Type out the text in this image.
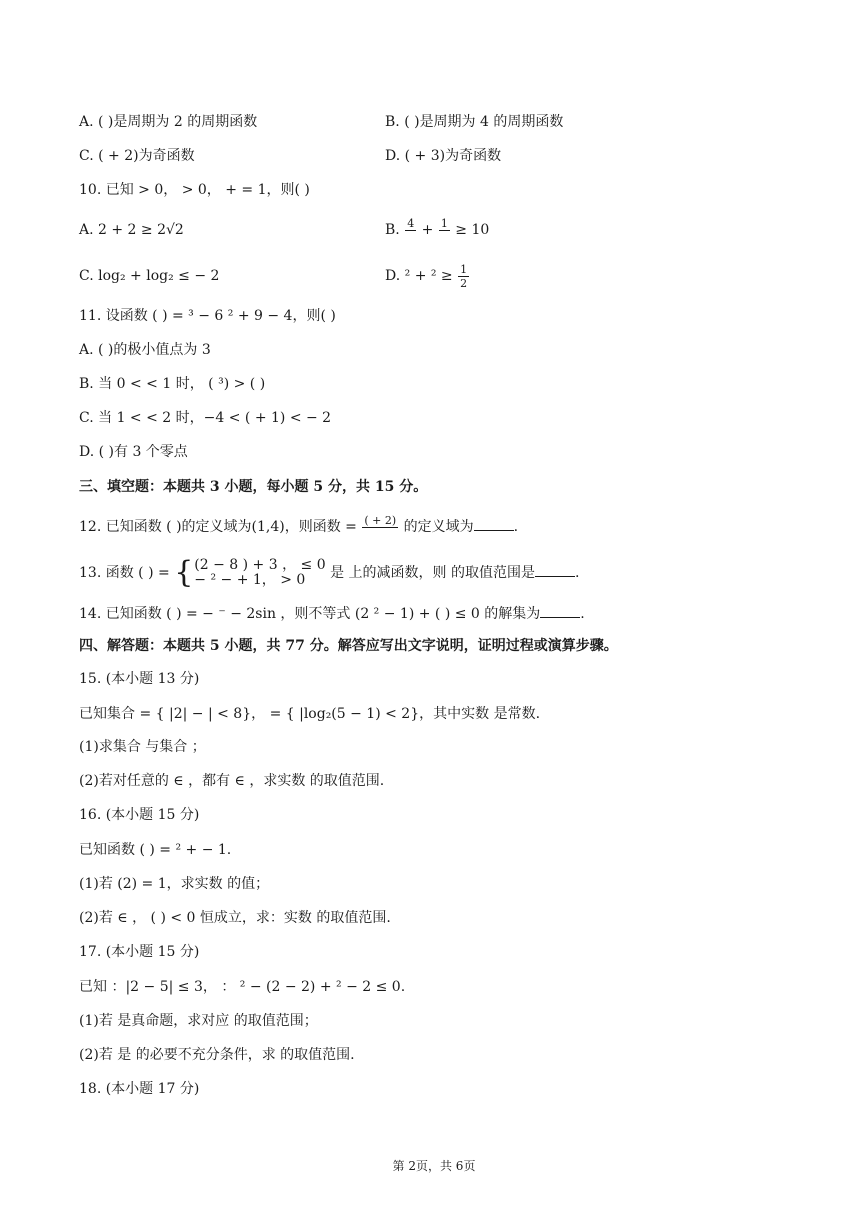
A. ( )是周期为 2 的周期函数	B. ( )是周期为 4 的周期函数
C. ( + 2)为奇函数	D. ( + 3)为奇函数
10. 已知 > 0， > 0， + = 1，则( )
A. 2 + 2 ≥ 2√2	B. 4
+ 1
≥ 10
C. log₂ + log₂ ≤ − 2	D. $^2 + ^2 \ge \frac{1}{2}$
11. 设函数 ( ) = ³ − 6 ² + 9 − 4，则( )
A. ( )的极小值点为 3
B. 当 0 < < 1 时， ( ³) > ( )
C. 当 1 < < 2 时，−4 < ( + 1) < − 2
D. ( )有 3 个零点
三、填空题：本题共 3 小题，每小题 5 分，共 15 分。
12. 已知函数 ( )的定义域为(1,4)，则函数 = ( + 2)
的定义域为	.
13. 函数 ( ) = { (2 − 8 ) + 3 ， ≤ 0
− ² − + 1， > 0	是 上的减函数，则 的取值范围是	.
14. 已知函数 ( ) = − ⁻ − 2sin ，则不等式 (2 ² − 1) + ( ) ≤ 0 的解集为	.
四、解答题：本题共 5 小题，共 77 分。解答应写出文字说明，证明过程或演算步骤。
15. (本小题 13 分)
已知集合 = { |2| − | < 8}， = { |log₂(5 − 1) < 2}，其中实数 是常数.
(1)求集合 与集合 ；
(2)若对任意的 ∈ ，都有 ∈ ，求实数 的取值范围.
16. (本小题 15 分)
已知函数 ( ) = ² + − 1.
(1)若 (2) = 1，求实数 的值；
(2)若 ∈ ， ( ) < 0 恒成立，求：实数 的取值范围.
17. (本小题 15 分)
已知 ：|2 − 5| ≤ 3， ： ² − (2 − 2) + ² − 2 ≤ 0.
(1)若 是真命题，求对应 的取值范围；
(2)若 是 的必要不充分条件，求 的取值范围.
18. (本小题 17 分)
第 2页，共 6页
